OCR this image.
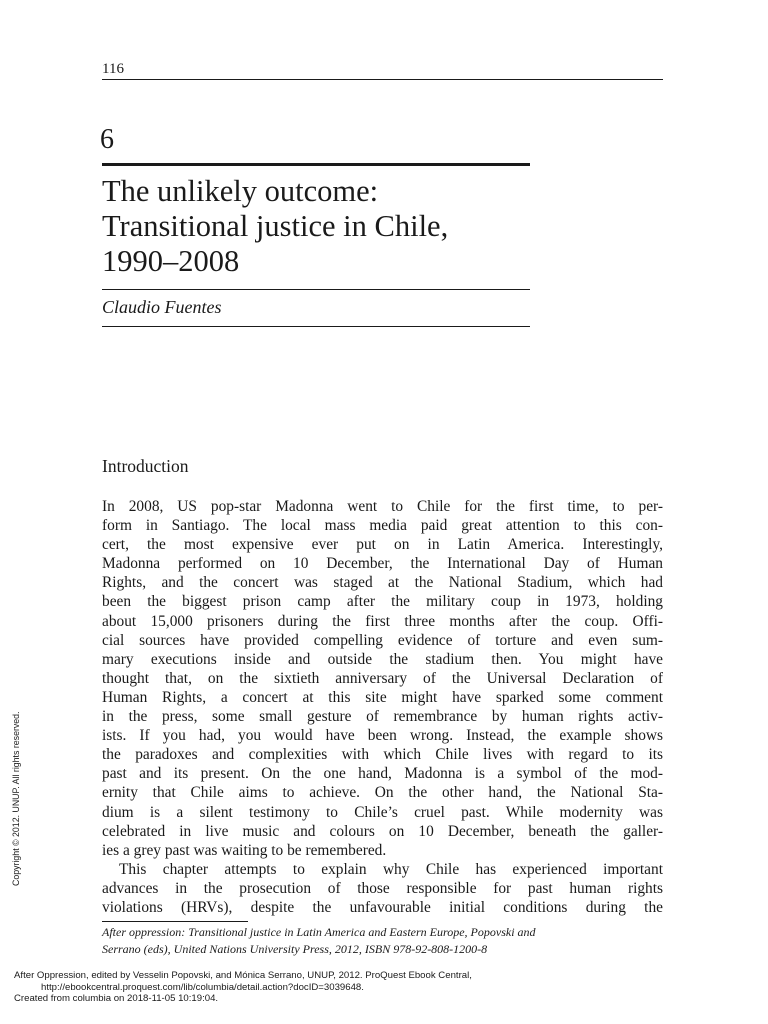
116
6
The unlikely outcome:
Transitional justice in Chile,
1990–2008
Claudio Fuentes
Introduction
In 2008, US pop-star Madonna went to Chile for the first time, to per-
form in Santiago. The local mass media paid great attention to this con-
cert, the most expensive ever put on in Latin America. Interestingly,
Madonna performed on 10 December, the International Day of Human
Rights, and the concert was staged at the National Stadium, which had
been the biggest prison camp after the military coup in 1973, holding
about 15,000 prisoners during the first three months after the coup. Offi-
cial sources have provided compelling evidence of torture and even sum-
mary executions inside and outside the stadium then. You might have
thought that, on the sixtieth anniversary of the Universal Declaration of
Human Rights, a concert at this site might have sparked some comment
in the press, some small gesture of remembrance by human rights activ-
ists. If you had, you would have been wrong. Instead, the example shows
the paradoxes and complexities with which Chile lives with regard to its
past and its present. On the one hand, Madonna is a symbol of the mod-
ernity that Chile aims to achieve. On the other hand, the National Sta-
dium is a silent testimony to Chile’s cruel past. While modernity was
celebrated in live music and colours on 10 December, beneath the galler-
ies a grey past was waiting to be remembered.
This chapter attempts to explain why Chile has experienced important
advances in the prosecution of those responsible for past human rights
violations (HRVs), despite the unfavourable initial conditions during the
After oppression: Transitional justice in Latin America and Eastern Europe, Popovski and
Serrano (eds), United Nations University Press, 2012, ISBN 978-92-808-1200-8
Copyright © 2012. UNUP. All rights reserved.
After Oppression, edited by Vesselin Popovski, and Mónica Serrano, UNUP, 2012. ProQuest Ebook Central,
http://ebookcentral.proquest.com/lib/columbia/detail.action?docID=3039648.
Created from columbia on 2018-11-05 10:19:04.
